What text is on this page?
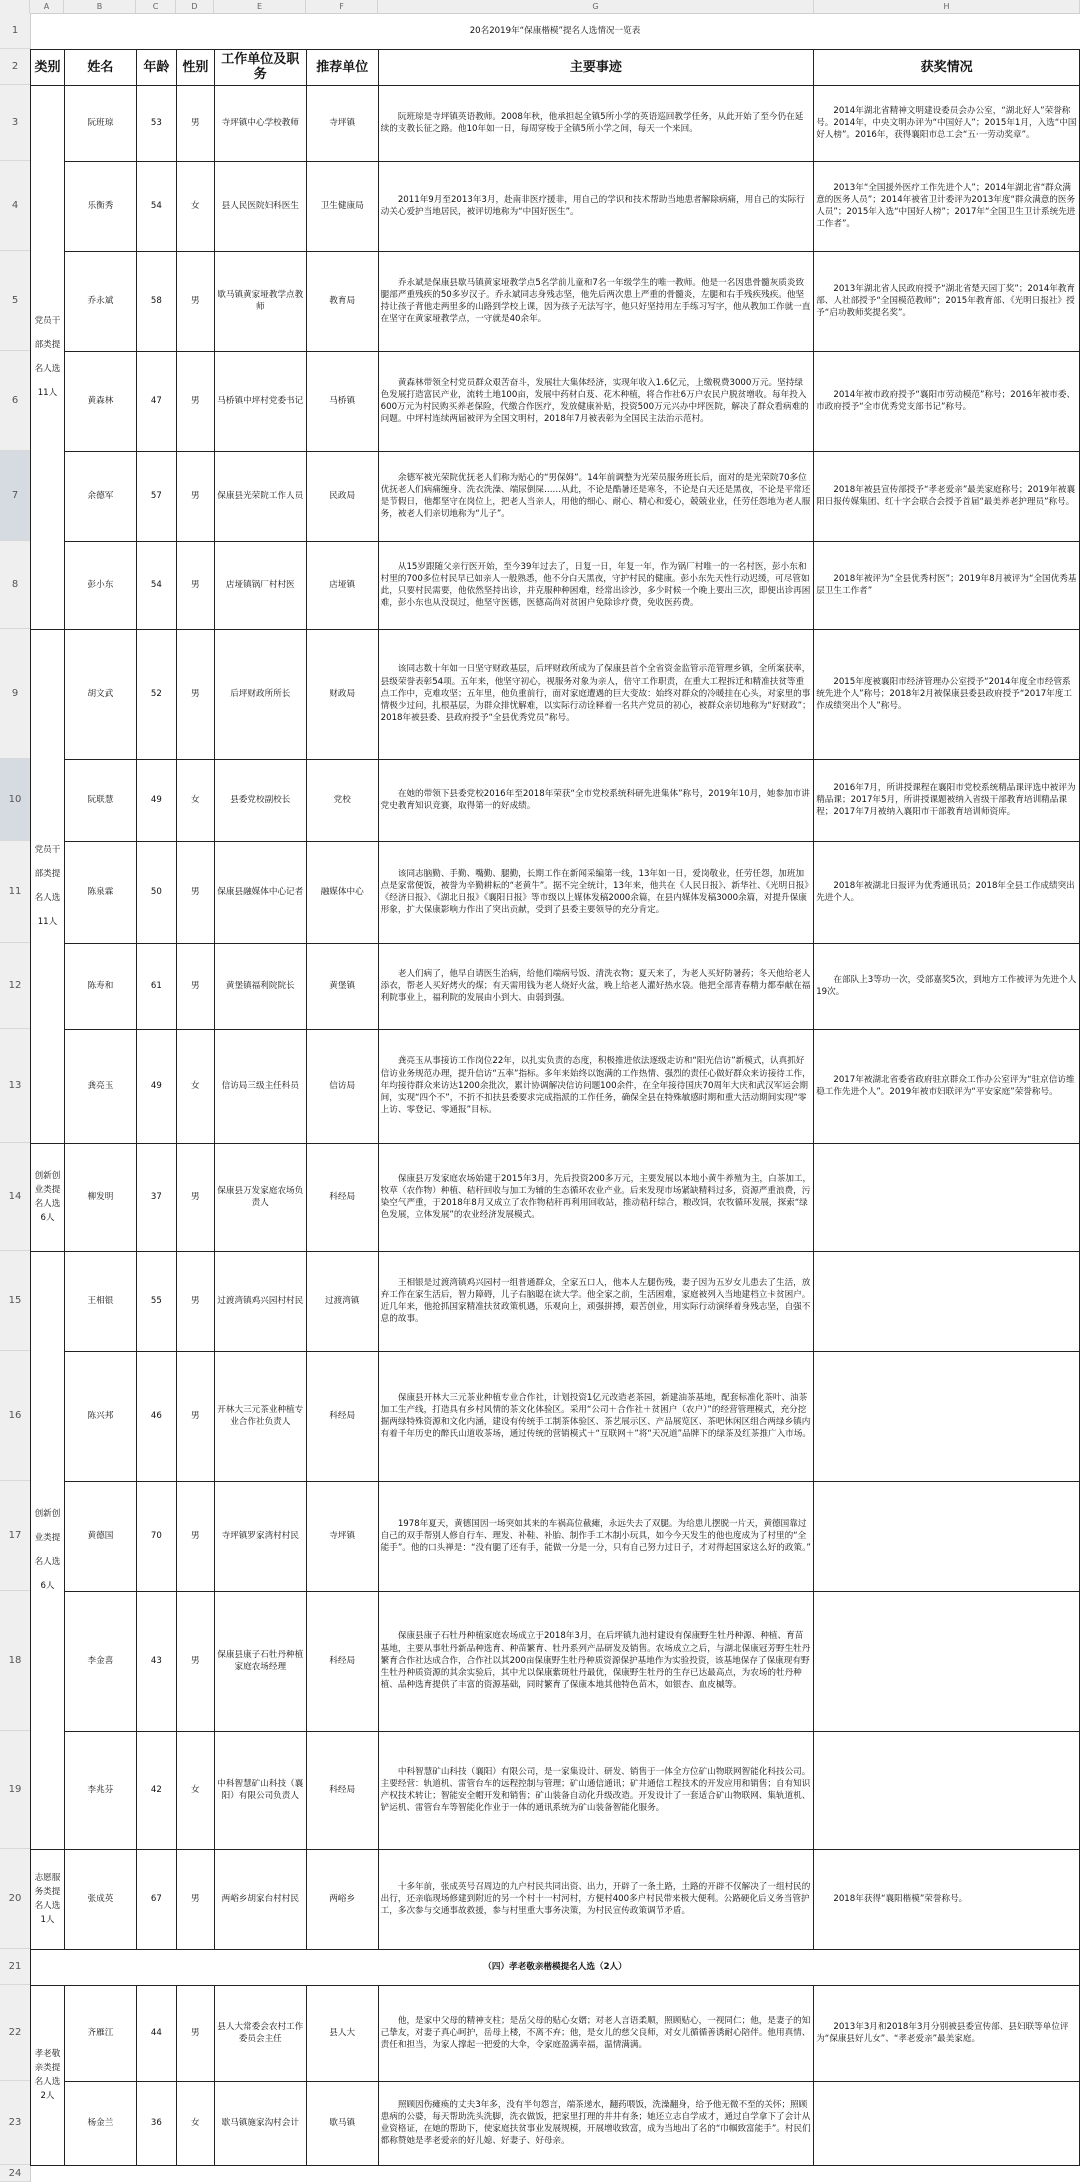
A	B	C	D	E	F	G	H
1
2
3
4
5
6
7
8
9
10
11
12
13
14
15
16
17
18
19
20
21
22
23
24
20名2019年“保康楷模”提名人选情况一览表							
类别	姓名	年龄	性别	工作单位及职务	推荐单位	主要事迹	获奖情况
党员干部类提名人选11人	阮班琼	53	男	寺坪镇中心学校教师	寺坪镇	阮班琼是寺坪镇英语教师。2008年秋，他承担起全镇5所小学的英语巡回教学任务，从此开始了至今仍在延续的支教长征之路。他10年如一日，每周穿梭于全镇5所小学之间，每天一个来回。	2014年湖北省精神文明建设委员会办公室，“湖北好人”荣誉称号。2014年，中央文明办评为“中国好人”；2015年1月，入选“中国好人榜”。2016年，获得襄阳市总工会“五·一劳动奖章”。
	乐衡秀	54	女	县人民医院妇科医生	卫生健康局	2011年9月至2013年3月，赴南非医疗援非，用自己的学识和技术帮助当地患者解除病痛，用自己的实际行动关心爱护当地居民，被评切地称为“中国好医生”。	2013年“全国援外医疗工作先进个人”；2014年湖北省“群众满意的医务人员”；2014年被省卫计委评为2013年度“群众满意的医务人员”；2015年入选“中国好人榜”；2017年“全国卫生卫计系统先进工作者”。
	乔永斌	58	男	歇马镇黄家垭教学点教师	教育局	乔永斌是保康县歇马镇黄家垭教学点5名学前儿童和7名一年级学生的唯一教师。他是一名因患骨髓灰质炎致腿部严重残疾的50多岁汉子。乔永斌同志身残志坚，他先后两次患上严重的骨髓炎，左腿和右手残疾残疾。他坚持让孩子背他走两里多的山路到学校上课，因为孩子无法写字，他只好坚持用左手练习写字，他从教加工作就一直在坚守在黄家垭教学点，一守就是40余年。	2013年湖北省人民政府授予“湖北省楚天园丁奖”；2014年教育部、人社部授予“全国模范教师”；2015年教育部、《光明日报社》授予“启功教师奖提名奖”。
	黄森林	47	男	马桥镇中坪村党委书记	马桥镇	黄森林带领全村党员群众艰苦奋斗，发展壮大集体经济，实现年收入1.6亿元，上缴税费3000万元。坚持绿色发展打造富民产业，流转土地100亩，发展中药材白芨、花木种植，将合作社6万户农民户脱贫增收。每年投入600万元为村民购买养老保险，代缴合作医疗，发放健康补贴，投资500万元兴办中坪医院，解决了群众看病难的问题。中坪村连续两届被评为全国文明村，2018年7月被表彰为全国民主法治示范村。	2014年被市政府授予“襄阳市劳动模范”称号；2016年被市委、市政府授予“全市优秀党支部书记”称号。
	余德军	57	男	保康县光荣院工作人员	民政局	余德军被光荣院优抚老人们称为贴心的“男保姆”。14年前调整为光荣员服务班长后，面对的是光荣院70多位优抚老人们病痛缠身、洗衣洗澡、端尿倒屎……从此，不论是酷暑还是寒冬，不论是白天还是黑夜，不论是平常还是节假日，他都坚守在岗位上，把老人当亲人，用他的细心、耐心、精心和爱心，兢兢业业，任劳任怨地为老人服务，被老人们亲切地称为“儿子”。	2018年被县宣传部授予“孝老爱亲”最美家庭称号；2019年被襄阳日报传媒集团、红十字会联合会授予首届“最美养老护理员”称号。
	彭小东	54	男	店垭镇锅厂村村医	店垭镇	从15岁跟随父亲行医开始，至今39年过去了，日复一日，年复一年，作为锅厂村唯一的一名村医，彭小东和村里的700多位村民早已如亲人一般熟悉，他不分白天黑夜，守护村民的健康。彭小东先天性行动迟缓，可尽管如此，只要村民需要，他依然坚持出诊，并克服种种困难，经常出诊沙，多少时候一个晚上要出三次，即便出诊再困难，彭小东也从没误过，他坚守医德，医德高尚对贫困户免除诊疗费，免收医药费。	2018年被评为“全县优秀村医”；2019年8月被评为“全国优秀基层卫生工作者”
党员干部类提名人选11人	胡文武	52	男	后坪财政所所长	财政局	该同志数十年如一日坚守财政基层，后坪财政所成为了保康县首个全省资金监管示范管理乡镇，全所案获率，县级荣誉表彰54项。五年来，他坚守初心，视服务对象为亲人，倍守工作职责，在重大工程拆迁和精准扶贫等重点工作中，克难攻坚；五年里，他负重前行，面对家庭遭遇的巨大变故：始终对群众的冷暖挂在心头，对家里的事情极少过问，扎根基层，为群众排忧解难，以实际行动诠释着一名共产党员的初心，被群众亲切地称为“好财政”；2018年被县委、县政府授予“全县优秀党员”称号。	2015年度被襄阳市经济管理办公室授予“2014年度全市经管系统先进个人”称号；2018年2月被保康县委县政府授予“2017年度工作成绩突出个人”称号。
	阮联慧	49	女	县委党校副校长	党校	在她的带领下县委党校2016年至2018年荣获“全市党校系统科研先进集体”称号，2019年10月，她参加市讲党史教育知识竞赛，取得第一的好成绩。	2016年7月，所讲授课程在襄阳市党校系统精品课评选中被评为精品课；2017年5月，所讲授课题被纳入省级干部教育培训精品课程；2017年7月被纳入襄阳市干部教育培训师资库。
	陈泉霖	50	男	保康县融媒体中心记者	融媒体中心	该同志脑勤、手勤、嘴勤、腿勤，长期工作在新闻采编第一线，13年如一日，爱岗敬业，任劳任怨，加班加点是家常便饭，被誉为辛勤耕耘的“老黄牛”。据不完全统计，13年来，他共在《人民日报》、新华社、《光明日报》《经济日报》、《湖北日报》《襄阳日报》等市级以上媒体发稿2000余篇，在县内媒体发稿3000余篇，对提升保康形象，扩大保康影响力作出了突出贡献，受到了县委主要领导的充分肯定。	2018年被湖北日报评为优秀通讯员；2018年全县工作成绩突出先进个人。
	陈寿和	61	男	黄堡镇福利院院长	黄堡镇	老人们病了，他早自请医生治病，给他们端病号饭、清洗衣物；夏天来了，为老人买好防暑药；冬天他给老人添衣，帮老人买好烤火的煤；有天需用钱为老人烧好火盆，晚上给老人灌好热水袋。他把全部青春精力都奉献在福利院事业上，福利院的发展由小到大、由弱到强。	在部队上3等功一次，受部嘉奖5次，到地方工作被评为先进个人19次。
	龚亮玉	49	女	信访局三级主任科员	信访局	龚亮玉从事接访工作岗位22年，以扎实负责的态度，积极推进依法逐级走访和“阳光信访”新模式，认真抓好信访业务规范办理，提升信访“五率”指标。多年来始终以饱满的工作热情、强烈的责任心做好群众来访接待工作，年均接待群众来访达1200余批次，累计协调解决信访问题100余件，在全年接待国庆70周年大庆和武汉军运会期间，实现“四个不”，不折不扣扶县委要求完成指派的工作任务，确保全县在特殊敏感时期和重大活动期间实现“零上访、零登记、零通报”目标。	2017年被湖北省委省政府驻京群众工作办公室评为“驻京信访维稳工作先进个人”。2019年被市妇联评为“平安家庭”荣誉称号。
创新创业类提名人选6人	柳发明	37	男	保康县万发家庭农场负责人	科经局	保康县万发家庭农场始建于2015年3月，先后投资200多万元，主要发展以本地小黄牛养殖为主，白茶加工，牧草（农作物）种植、秸秆回收与加工为辅的生态循环农业产业。后来发现市场紧缺精料过多，资源严重浪费，污染空气严重，于2018年8月又成立了农作物秸秆再利用回收站，推动秸秆综合，粮改饲，农牧循环发展，探索“绿色发展，立体发展”的农业经济发展模式。	
创新创业类提名人选6人	王相银	55	男	过渡湾镇鸡兴园村村民	过渡湾镇	王相银是过渡湾镇鸡兴园村一组普通群众，全家五口人，他本人左腿伤残，妻子因为五岁女儿患去了生活，放弃工作在家生活后，智力障碍，儿子右脑聪在读大学。他全家之前，生活困难，家庭被列入当地建档立卡贫困户。近几年来，他抢抓国家精准扶贫政策机遇，乐观向上，顽强拼搏，艰苦创业，用实际行动演绎着身残志坚，自强不息的故事。	
	陈兴邦	46	男	开林大三元茶业种植专业合作社负责人	科经局	保康县开林大三元茶业种植专业合作社，计划投资1亿元改造老茶园，新建油茶基地，配套标准化茶叶、油茶加工生产线，打造具有乡村风情的茶文化体验区。采用“公司＋合作社＋贫困户（农户）”的经营管理模式，充分挖掘两绿特殊资源和文化内涵，建设有传统手工制茶体验区、茶艺展示区、产品展览区、茶吧休闲区组合两绿乡镇内有着千年历史的醉氏山道收茶场，通过传统的营销模式＋“互联网＋”将“天况道”品牌下的绿茶及红茶推广入市场。	
	黄德国	70	男	寺坪镇罗家湾村村民	寺坪镇	1978年夏天，黄德国因一场突如其来的车祸高位截瘫，永远失去了双腿。为给患儿摆脱一片天，黄德国靠过自己的双手帮别人修自行车、理发、补鞋、补胎、制作手工木制小玩具，如今今天发生的他也度成为了村里的“全能手”。他的口头禅是：“没有腿了还有手，能做一分是一分，只有自己努力过日子，才对得起国家这么好的政策。”	
	李金喜	43	男	保康县康子石牡丹种植家庭农场经理	科经局	保康县康子石牡丹种植家庭农场成立于2018年3月，在后坪镇九池村建设有保康野生牡丹种源、种植、育苗基地，主要从事牡丹新品种选育、种苗繁育、牡丹系列产品研发及销售。农场成立之后，与湖北保康冠芳野生牡丹繁育合作社达成合作，合作社以其200亩保康野生牡丹种质资源保护基地作为实验投资，该基地保存了保康现有野生牡丹种质资源的其余实验后，其中尤以保康紫斑牡丹最优，保康野生牡丹的生存已达最高点，为农场的牡丹种植、品种选育提供了丰富的资源基础，同时繁育了保康本地其他特色苗木，如银杏、血皮槭等。	
	李兆芬	42	女	中科智慧矿山科技（襄阳）有限公司负责人	科经局	中科智慧矿山科技（襄阳）有限公司，是一家集设计、研发、销售于一体全方位矿山物联网智能化科技公司。主要经营：轨道机、雷管台车的远程控制与管理；矿山通信通讯；矿井通信工程技术的开发应用和销售；自有知识产权技术转让；智能安全帽开发和销售；矿山装备自动化升级改造。开发设计了一套适合矿山物联网、集轨道机、铲运机、雷管台车等智能化作业于一体的通讯系统为矿山装备智能化服务。	
志愿服务类提名人选1人	张成英	67	男	两峪乡胡家台村村民	两峪乡	十多年前，张成英号召周边的九户村民共同出资、出力，开辟了一条土路，土路的开辟不仅解决了一组村民的出行，还亲临现场修建到附近的另一个村十一村河村，方便村400多户村民带来极大便利。公路硬化后义务当管护工，多次参与交通事故救援，参与村里重大事务决策，为村民宣传政策调节矛盾。	2018年获得“襄阳楷模”荣誉称号。
（四）孝老敬亲楷模提名人选（2人）							
孝老敬亲类提名人选2人	齐雁江	44	男	县人大常委会农村工作委员会主任	县人大	他，是家中父母的精神支柱；是岳父母的贴心女婿；对老人言语柔顺，照顾贴心，一视同仁；他，是妻子的知己挚友，对妻子真心呵护，岳母上楼，不离不弃；他，是女儿的慈父良师，对女儿循循善诱耐心陪伴。他用真情、责任和担当，为家人撑起一把爱的大伞，令家庭盈满幸福，温情满满。	2013年3月和2018年3月分别被县委宣传部、县妇联等单位评为“保康县好儿女”、“孝老爱亲”最美家庭。
	杨金兰	36	女	歇马镇施家沟村会计	歇马镇	照顾因伤瘫痪的丈夫3年多，没有半句怨言，端茶递水，翻药喂饭，洗澡翻身，给予他无微不至的关怀；照顾患病的公婆，每天帮助洗头洗脚，洗衣做饭，把家里打理的井井有条；她还立志自学成才，通过自学拿下了会计从业资格证，在她的帮助下，使家庭扶贫事业发展规模，开展增收致富，成为当地出了名的“巾帼致富能手”。村民们都称赞她是孝老爱亲的好儿媳、好妻子、好母亲。	
